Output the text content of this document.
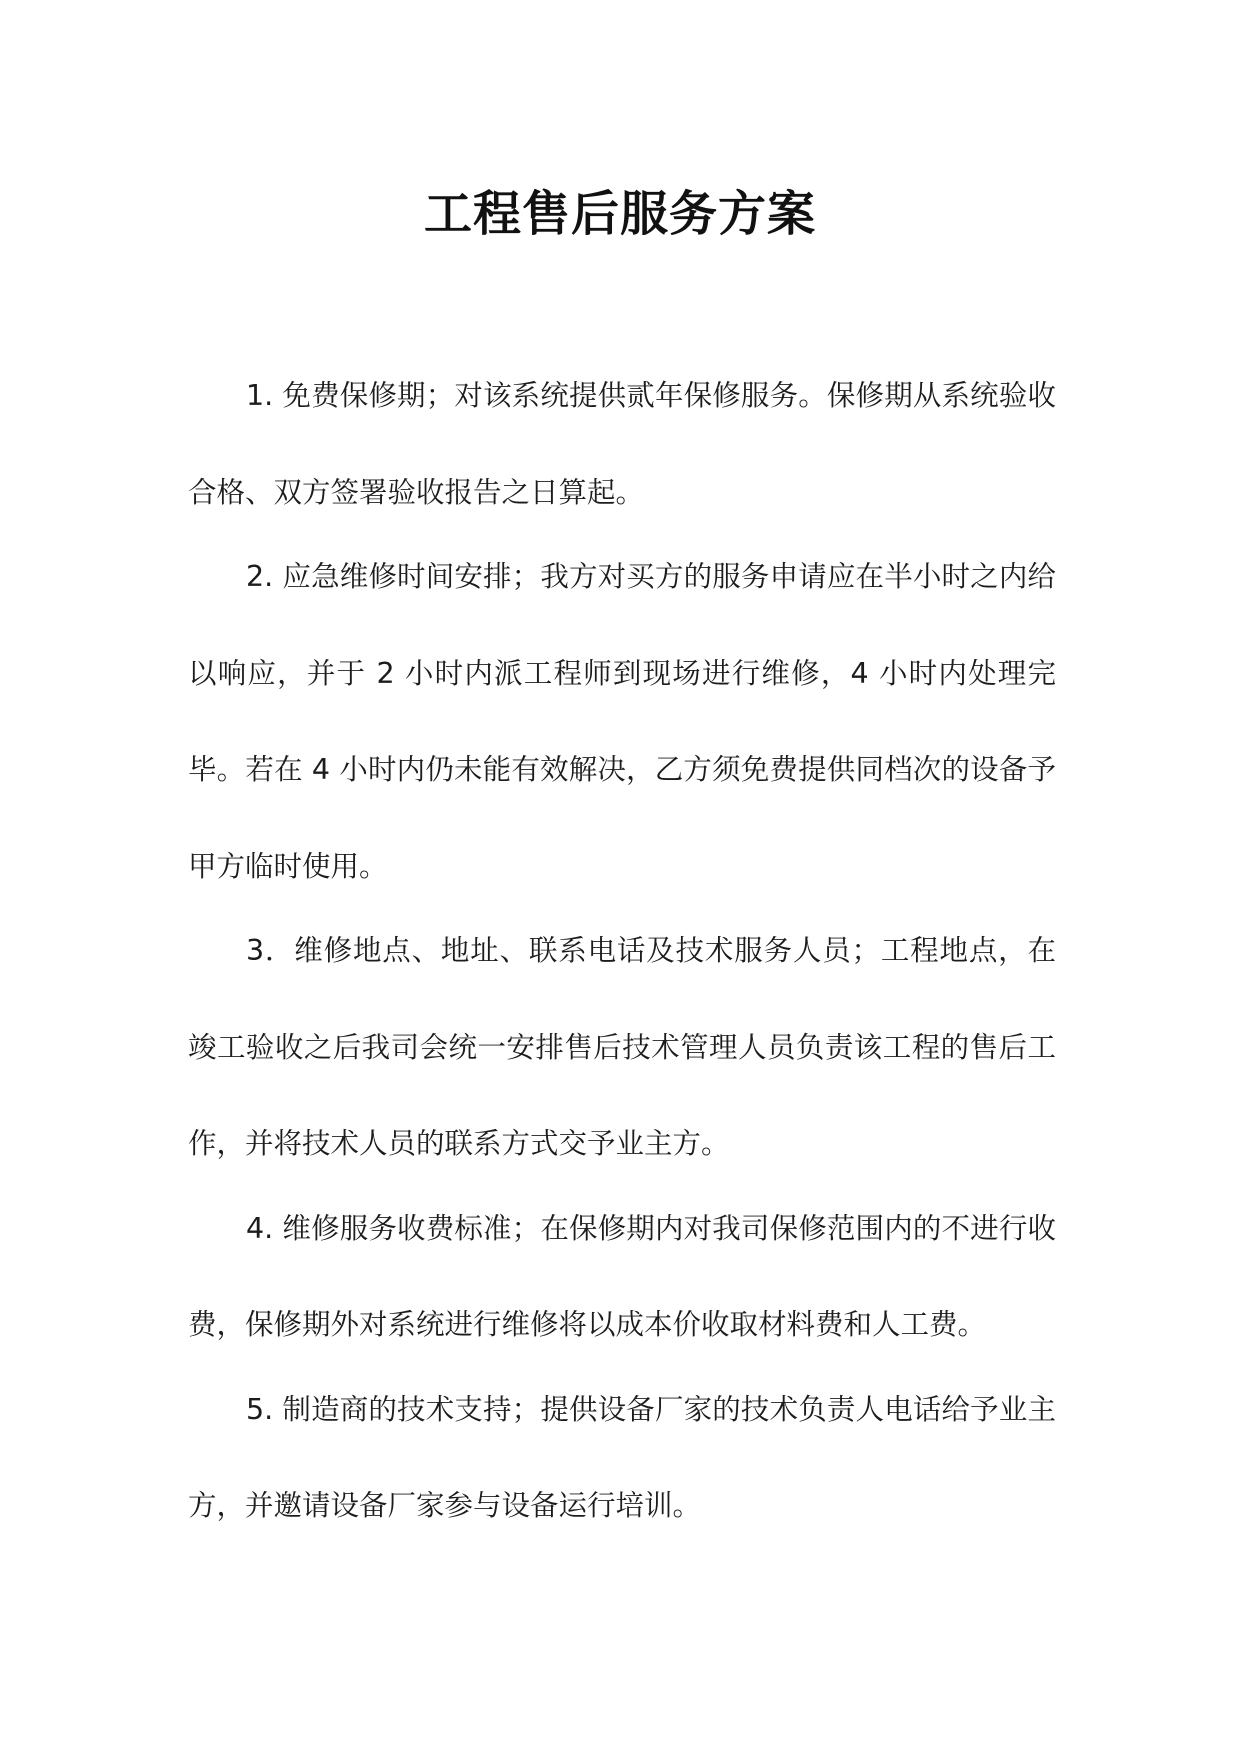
工程售后服务方案

1. 免费保修期；对该系统提供贰年保修服务。保修期从系统验收合格、双方签署验收报告之日算起。

2. 应急维修时间安排；我方对买方的服务申请应在半小时之内给以响应，并于 2 小时内派工程师到现场进行维修，4 小时内处理完毕。若在 4 小时内仍未能有效解决，乙方须免费提供同档次的设备予甲方临时使用。

3．维修地点、地址、联系电话及技术服务人员；工程地点，在竣工验收之后我司会统一安排售后技术管理人员负责该工程的售后工作，并将技术人员的联系方式交予业主方。

4. 维修服务收费标准；在保修期内对我司保修范围内的不进行收费，保修期外对系统进行维修将以成本价收取材料费和人工费。

5. 制造商的技术支持；提供设备厂家的技术负责人电话给予业主方，并邀请设备厂家参与设备运行培训。
